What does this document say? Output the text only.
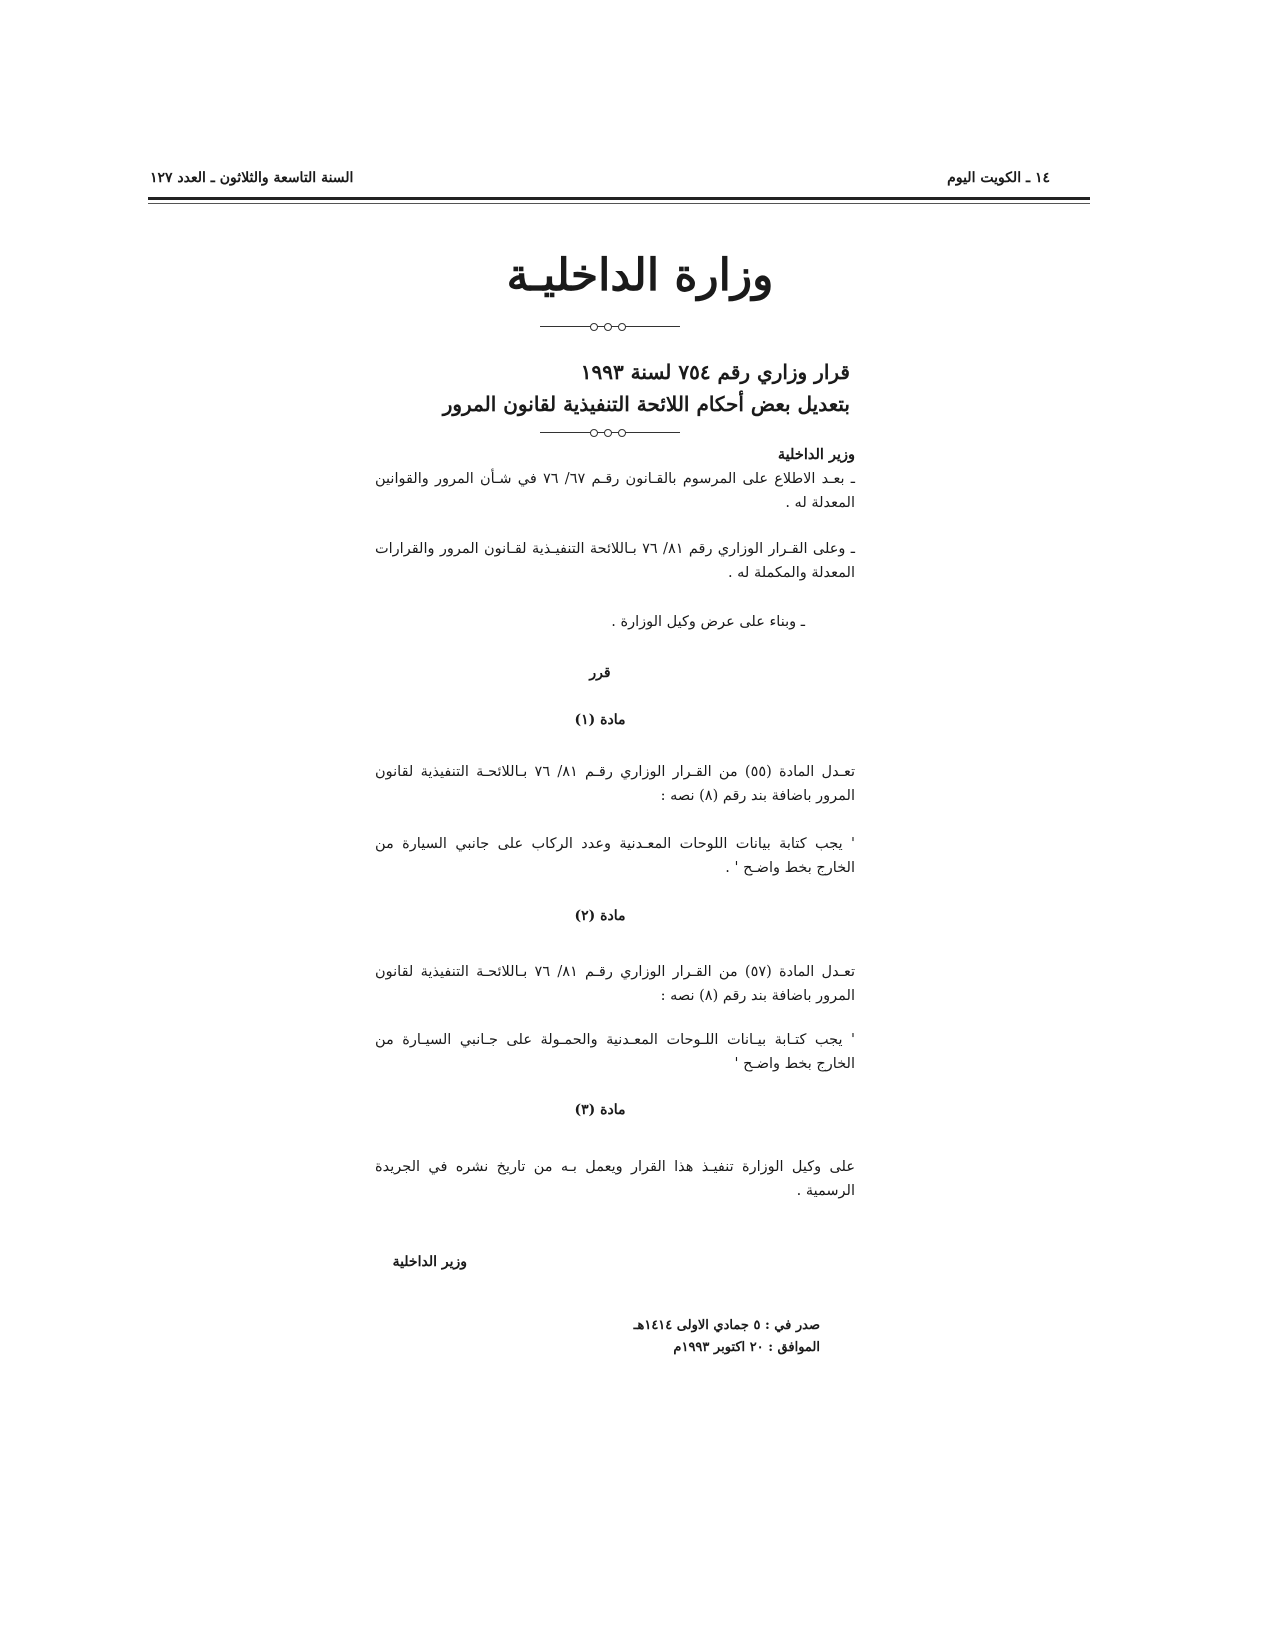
١٤ ـ الكويت اليوم
السنة التاسعة والثلاثون ـ العدد ١٢٧
وزارة الداخليـة
قرار وزاري رقم ٧٥٤ لسنة ١٩٩٣
بتعديل بعض أحكام اللائحة التنفيذية لقانون المرور
وزير الداخلية
ـ بعـد الاطلاع على المرسوم بالقـانون رقـم ٦٧/ ٧٦ في شـأن المرور والقوانين المعدلة له .
ـ وعلى القـرار الوزاري رقم ٨١/ ٧٦ بـاللائحة التنفيـذية لقـانون المرور والقرارات المعدلة والمكملة له .
ـ وبناء على عرض وكيل الوزارة .
قرر
مادة (١)
تعـدل المادة (٥٥) من القـرار الوزاري رقـم ٨١/ ٧٦ بـاللائحـة التنفيذية لقانون المرور باضافة بند رقم (٨) نصه :
' يجب كتابة بيانات اللوحات المعـدنية وعدد الركاب على جانبي السيارة من الخارج بخط واضـح ' .
مادة (٢)
تعـدل المادة (٥٧) من القـرار الوزاري رقـم ٨١/ ٧٦ بـاللائحـة التنفيذية لقانون المرور باضافة بند رقم (٨) نصه :
' يجب كتـابة بيـانات اللـوحات المعـدنية والحمـولة على جـانبي السيـارة من الخارج بخط واضـح '
مادة (٣)
على وكيل الوزارة تنفيـذ هذا القرار ويعمل بـه من تاريخ نشره في الجريدة الرسمية .
وزير الداخلية
صدر في : ٥ جمادي الاولى ١٤١٤هـ
الموافق : ٢٠ اكتوبر ١٩٩٣م
